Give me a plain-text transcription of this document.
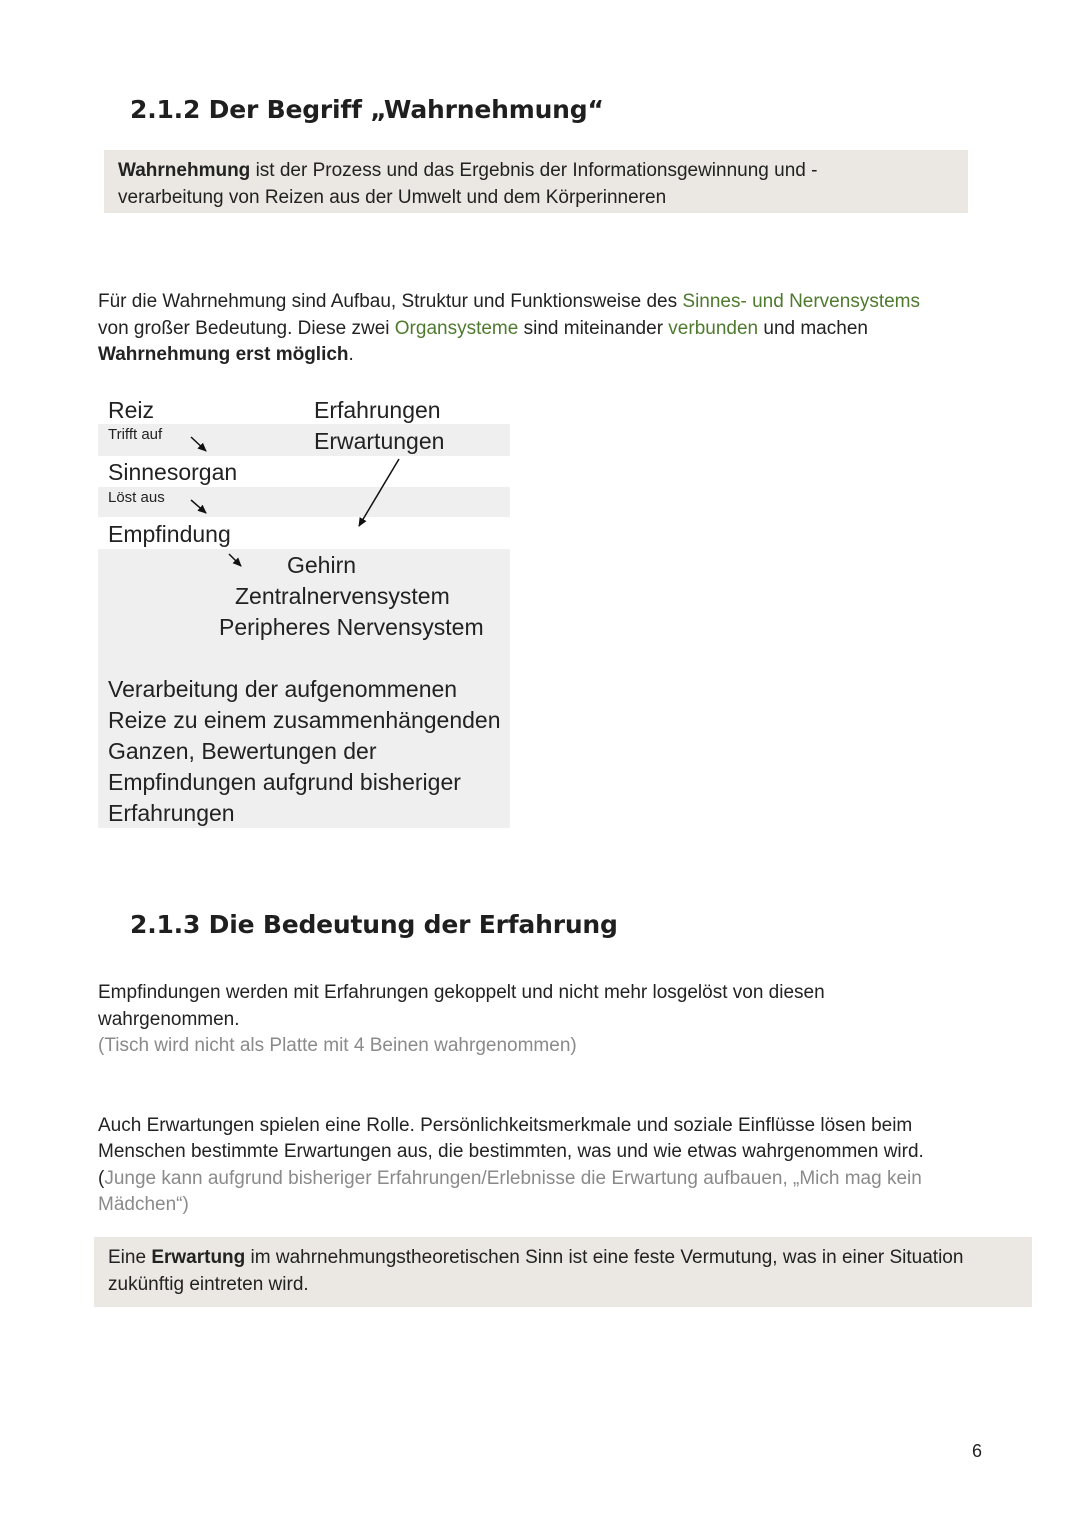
2.1.2 Der Begriff „Wahrnehmung“
Wahrnehmung ist der Prozess und das Ergebnis der Informationsgewinnung und -
verarbeitung von Reizen aus der Umwelt und dem Körperinneren
Für die Wahrnehmung sind Aufbau, Struktur und Funktionsweise des Sinnes- und Nervensystems
von großer Bedeutung. Diese zwei Organsysteme sind miteinander verbunden und machen
Wahrnehmung erst möglich.
Reiz
Trifft auf
Sinnesorgan
Löst aus
Empfindung
Erfahrungen
Erwartungen
Gehirn
Zentralnervensystem
Peripheres Nervensystem
Verarbeitung der aufgenommenen
Reize zu einem zusammenhängenden
Ganzen, Bewertungen der
Empfindungen aufgrund bisheriger
Erfahrungen
2.1.3 Die Bedeutung der Erfahrung
Empfindungen werden mit Erfahrungen gekoppelt und nicht mehr losgelöst von diesen
wahrgenommen.
(Tisch wird nicht als Platte mit 4 Beinen wahrgenommen)
Auch Erwartungen spielen eine Rolle. Persönlichkeitsmerkmale und soziale Einflüsse lösen beim
Menschen bestimmte Erwartungen aus, die bestimmten, was und wie etwas wahrgenommen wird.
(Junge kann aufgrund bisheriger Erfahrungen/Erlebnisse die Erwartung aufbauen, „Mich mag kein
Mädchen“)
Eine Erwartung im wahrnehmungstheoretischen Sinn ist eine feste Vermutung, was in einer Situation
zukünftig eintreten wird.
6
